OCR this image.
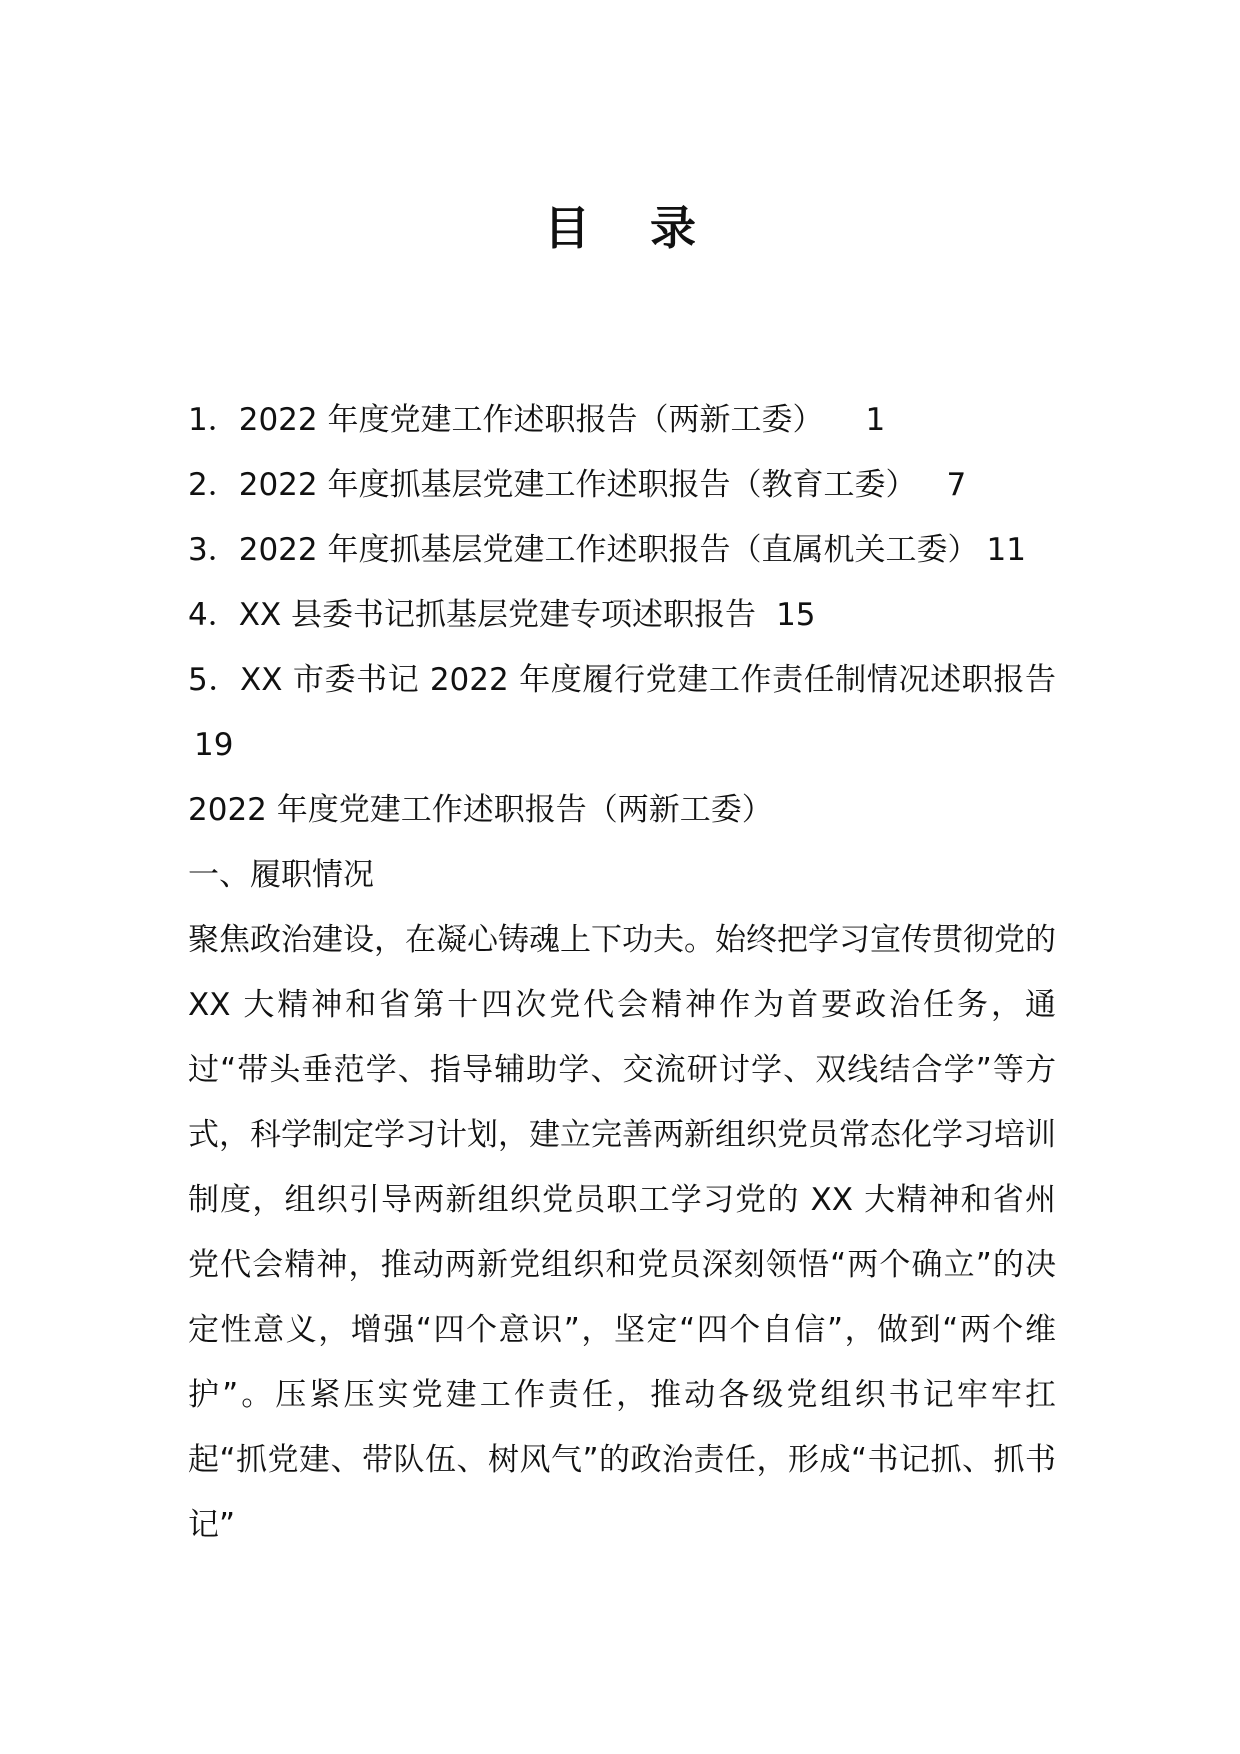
目 录
1．2022 年度党建工作述职报告（两新工委） 1
2．2022 年度抓基层党建工作述职报告（教育工委） 7
3．2022 年度抓基层党建工作述职报告（直属机关工委） 11
4．XX 县委书记抓基层党建专项述职报告 15
5．XX 市委书记 2022 年度履行党建工作责任制情况述职报告19
2022 年度党建工作述职报告（两新工委）
一、履职情况
聚焦政治建设，在凝心铸魂上下功夫。始终把学习宣传贯彻党的 XX 大精神和省第十四次党代会精神作为首要政治任务，通过“带头垂范学、指导辅助学、交流研讨学、双线结合学”等方式，科学制定学习计划，建立完善两新组织党员常态化学习培训制度，组织引导两新组织党员职工学习党的 XX 大精神和省州党代会精神，推动两新党组织和党员深刻领悟“两个确立”的决定性意义，增强“四个意识”，坚定“四个自信”，做到“两个维护”。压紧压实党建工作责任，推动各级党组织书记牢牢扛起“抓党建、带队伍、树风气”的政治责任，形成“书记抓、抓书记”
